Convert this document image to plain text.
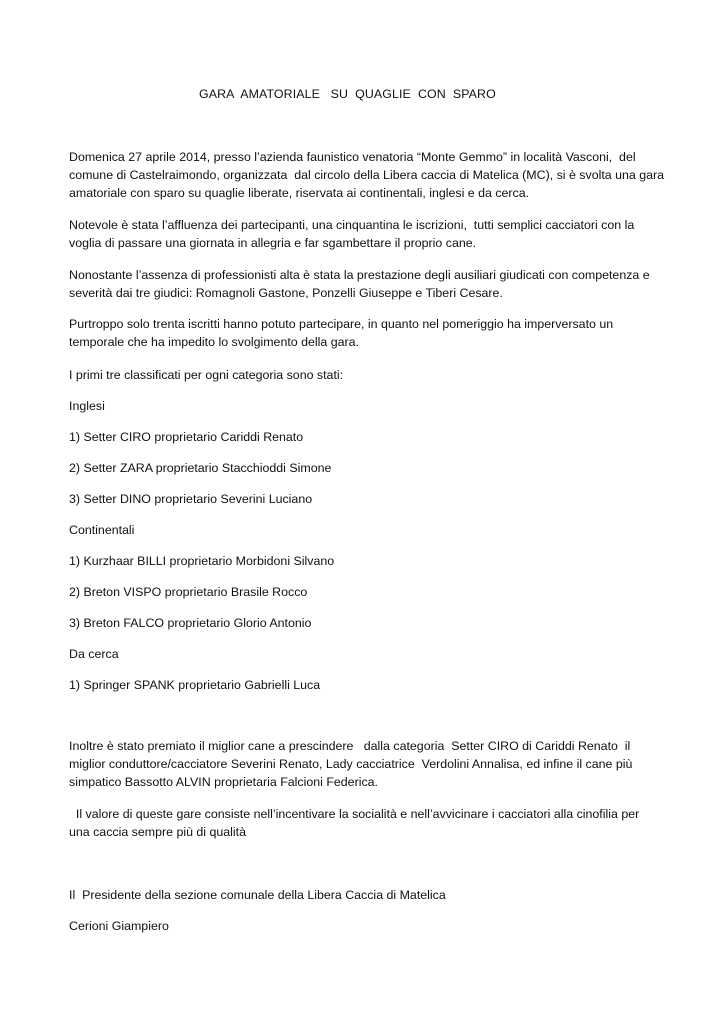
GARA  AMATORIALE   SU  QUAGLIE  CON  SPARO

Domenica 27 aprile 2014, presso l’azienda faunistico venatoria “Monte Gemmo” in località Vasconi,  del
comune di Castelraimondo, organizzata  dal circolo della Libera caccia di Matelica (MC), si è svolta una gara
amatoriale con sparo su quaglie liberate, riservata ai continentali, inglesi e da cerca.
Notevole è stata l’affluenza dei partecipanti, una cinquantina le iscrizioni,  tutti semplici cacciatori con la
voglia di passare una giornata in allegria e far sgambettare il proprio cane.
Nonostante l’assenza di professionisti alta è stata la prestazione degli ausiliari giudicati con competenza e
severità dai tre giudici: Romagnoli Gastone, Ponzelli Giuseppe e Tiberi Cesare.
Purtroppo solo trenta iscritti hanno potuto partecipare, in quanto nel pomeriggio ha imperversato un
temporale che ha impedito lo svolgimento della gara.

I primi tre classificati per ogni categoria sono stati:

Inglesi

1) Setter CIRO proprietario Cariddi Renato

2) Setter ZARA proprietario Stacchioddi Simone

3) Setter DINO proprietario Severini Luciano

Continentali

1) Kurzhaar BILLI proprietario Morbidoni Silvano

2) Breton VISPO proprietario Brasile Rocco

3) Breton FALCO proprietario Glorio Antonio

Da cerca

1) Springer SPANK proprietario Gabrielli Luca

Inoltre è stato premiato il miglior cane a prescindere   dalla categoria  Setter CIRO di Cariddi Renato  il
miglior conduttore/cacciatore Severini Renato, Lady cacciatrice  Verdolini Annalisa, ed infine il cane più
simpatico Bassotto ALVIN proprietaria Falcioni Federica.
Il valore di queste gare consiste nell’incentivare la socialità e nell’avvicinare i cacciatori alla cinofilia per
una caccia sempre più di qualità

Il  Presidente della sezione comunale della Libera Caccia di Matelica

Cerioni Giampiero
